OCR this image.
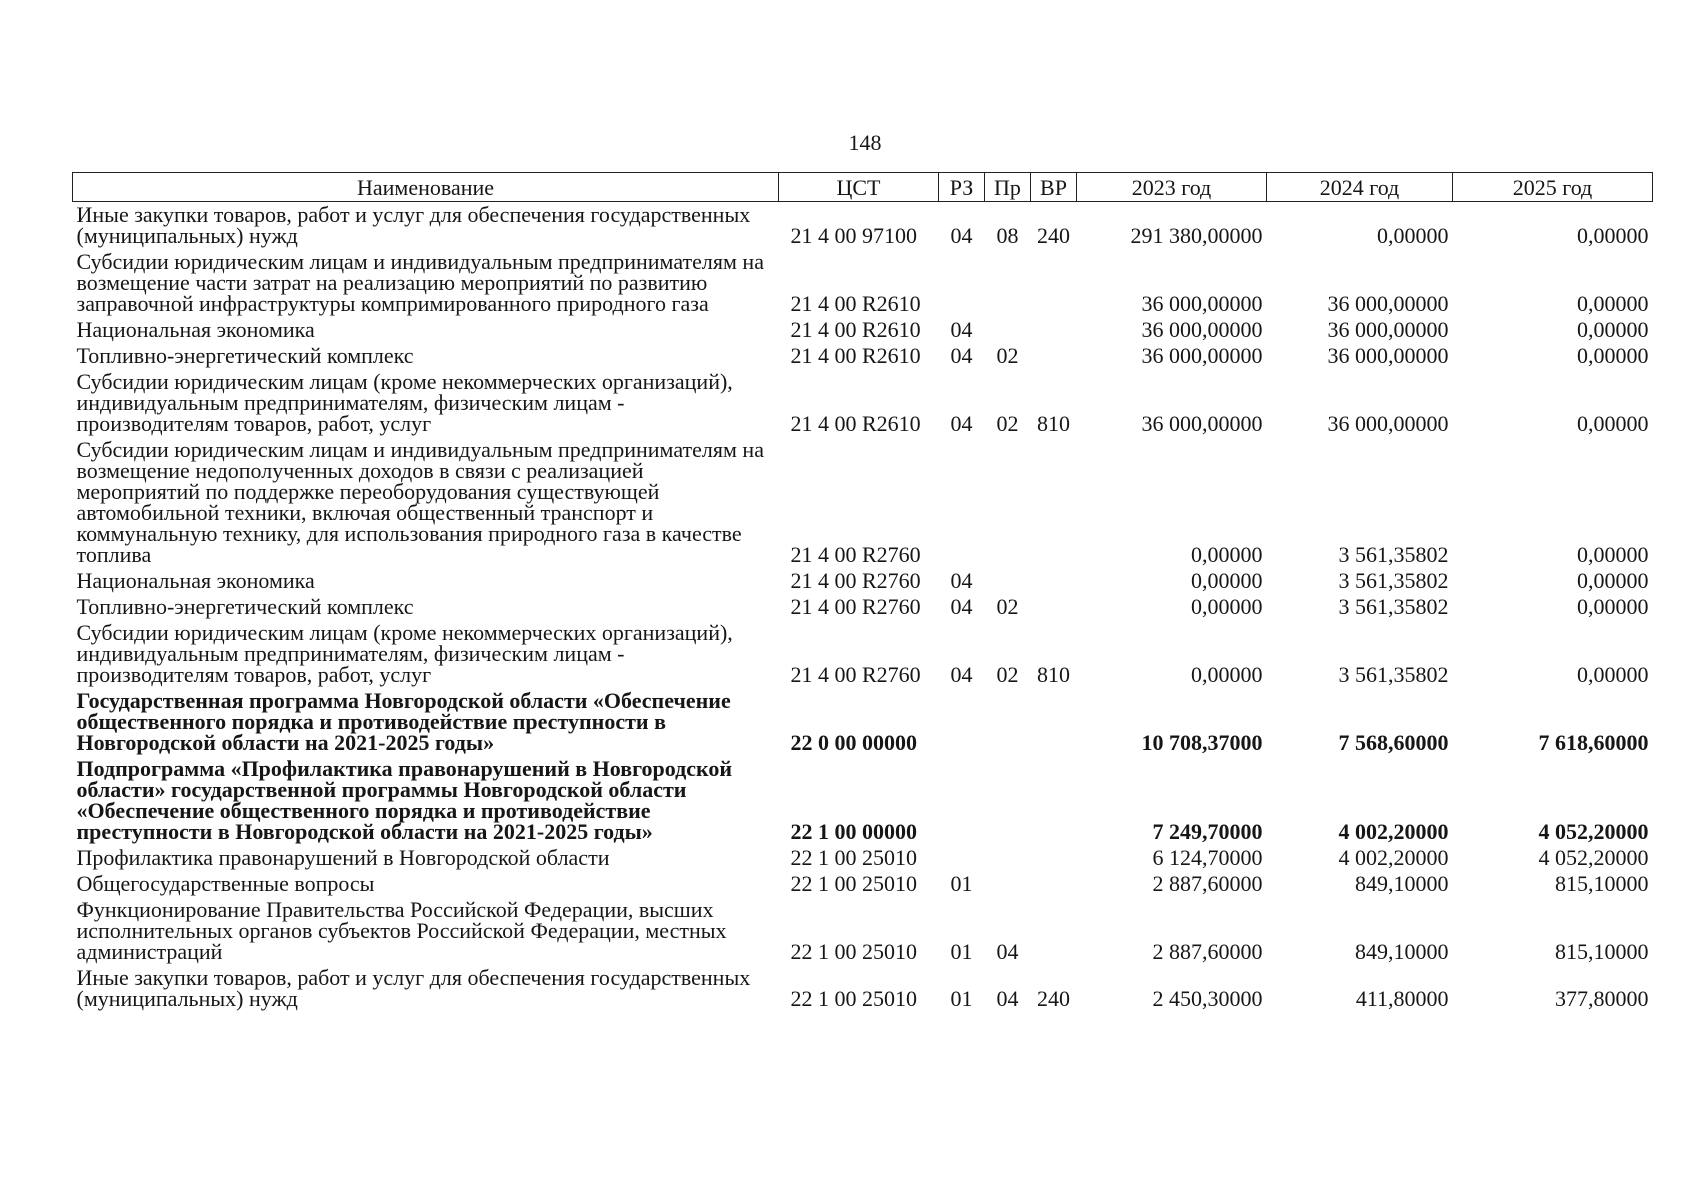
148
Наименование	ЦСТ	РЗ	Пр	ВР	2023 год	2024 год	2025 год
Иные закупки товаров, работ и услуг для обеспечения государственных (муниципальных) нужд	21 4 00 97100	04	08	240	291 380,00000	0,00000	0,00000
Субсидии юридическим лицам и индивидуальным предпринимателям на возмещение части затрат на реализацию мероприятий по развитию заправочной инфраструктуры компримированного природного газа	21 4 00 R2610				36 000,00000	36 000,00000	0,00000
Национальная экономика	21 4 00 R2610	04			36 000,00000	36 000,00000	0,00000
Топливно-энергетический комплекс	21 4 00 R2610	04	02		36 000,00000	36 000,00000	0,00000
Субсидии юридическим лицам (кроме некоммерческих организаций), индивидуальным предпринимателям, физическим лицам - производителям товаров, работ, услуг	21 4 00 R2610	04	02	810	36 000,00000	36 000,00000	0,00000
Субсидии юридическим лицам и индивидуальным предпринимателям на возмещение недополученных доходов в связи с реализацией мероприятий по поддержке переоборудования существующей автомобильной техники, включая общественный транспорт и коммунальную технику, для использования природного газа в качестве топлива	21 4 00 R2760				0,00000	3 561,35802	0,00000
Национальная экономика	21 4 00 R2760	04			0,00000	3 561,35802	0,00000
Топливно-энергетический комплекс	21 4 00 R2760	04	02		0,00000	3 561,35802	0,00000
Субсидии юридическим лицам (кроме некоммерческих организаций), индивидуальным предпринимателям, физическим лицам - производителям товаров, работ, услуг	21 4 00 R2760	04	02	810	0,00000	3 561,35802	0,00000
Государственная программа Новгородской области «Обеспечение общественного порядка и противодействие преступности в Новгородской области на 2021-2025 годы»	22 0 00 00000				10 708,37000	7 568,60000	7 618,60000
Подпрограмма «Профилактика правонарушений в Новгородской области» государственной программы Новгородской области «Обеспечение общественного порядка и противодействие преступности в Новгородской области на 2021-2025 годы»	22 1 00 00000				7 249,70000	4 002,20000	4 052,20000
Профилактика правонарушений в Новгородской области	22 1 00 25010				6 124,70000	4 002,20000	4 052,20000
Общегосударственные вопросы	22 1 00 25010	01			2 887,60000	849,10000	815,10000
Функционирование Правительства Российской Федерации, высших исполнительных органов субъектов Российской Федерации, местных администраций	22 1 00 25010	01	04		2 887,60000	849,10000	815,10000
Иные закупки товаров, работ и услуг для обеспечения государственных (муниципальных) нужд	22 1 00 25010	01	04	240	2 450,30000	411,80000	377,80000
